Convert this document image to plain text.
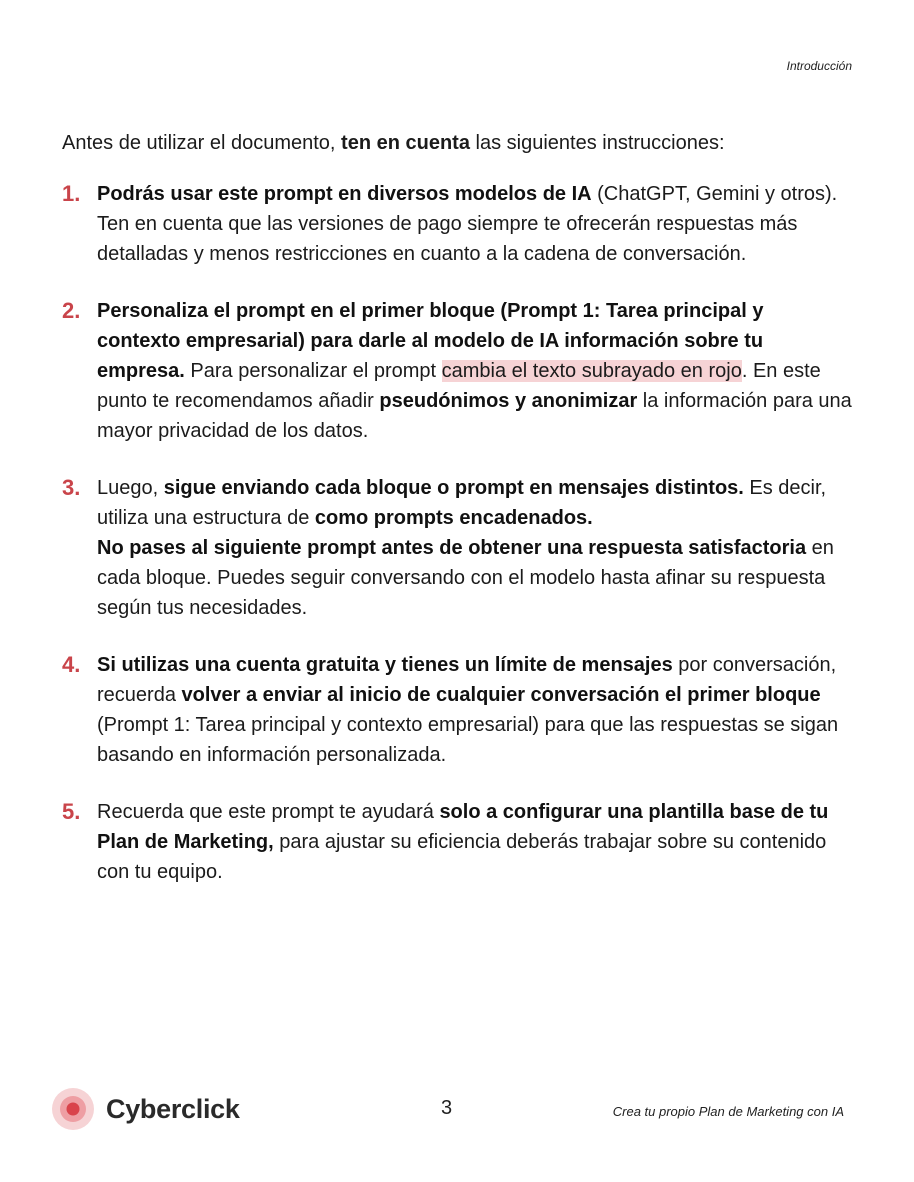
Introducción

Antes de utilizar el documento, ten en cuenta las siguientes instrucciones:

1. Podrás usar este prompt en diversos modelos de IA (ChatGPT, Gemini y otros). Ten en cuenta que las versiones de pago siempre te ofrecerán respuestas más detalladas y menos restricciones en cuanto a la cadena de conversación.
2. Personaliza el prompt en el primer bloque (Prompt 1: Tarea principal y contexto empresarial) para darle al modelo de IA información sobre tu empresa. Para personalizar el prompt cambia el texto subrayado en rojo. En este punto te recomendamos añadir pseudónimos y anonimizar la información para una mayor privacidad de los datos.
3. Luego, sigue enviando cada bloque o prompt en mensajes distintos. Es decir, utiliza una estructura de como prompts encadenados.
No pases al siguiente prompt antes de obtener una respuesta satisfactoria en cada bloque. Puedes seguir conversando con el modelo hasta afinar su respuesta según tus necesidades.
4. Si utilizas una cuenta gratuita y tienes un límite de mensajes por conversación, recuerda volver a enviar al inicio de cualquier conversación el primer bloque (Prompt 1: Tarea principal y contexto empresarial) para que las respuestas se sigan basando en información personalizada.
5. Recuerda que este prompt te ayudará solo a configurar una plantilla base de tu Plan de Marketing, para ajustar su eficiencia deberás trabajar sobre su contenido con tu equipo.
Cyberclick	3	Crea tu propio Plan de Marketing con IA
